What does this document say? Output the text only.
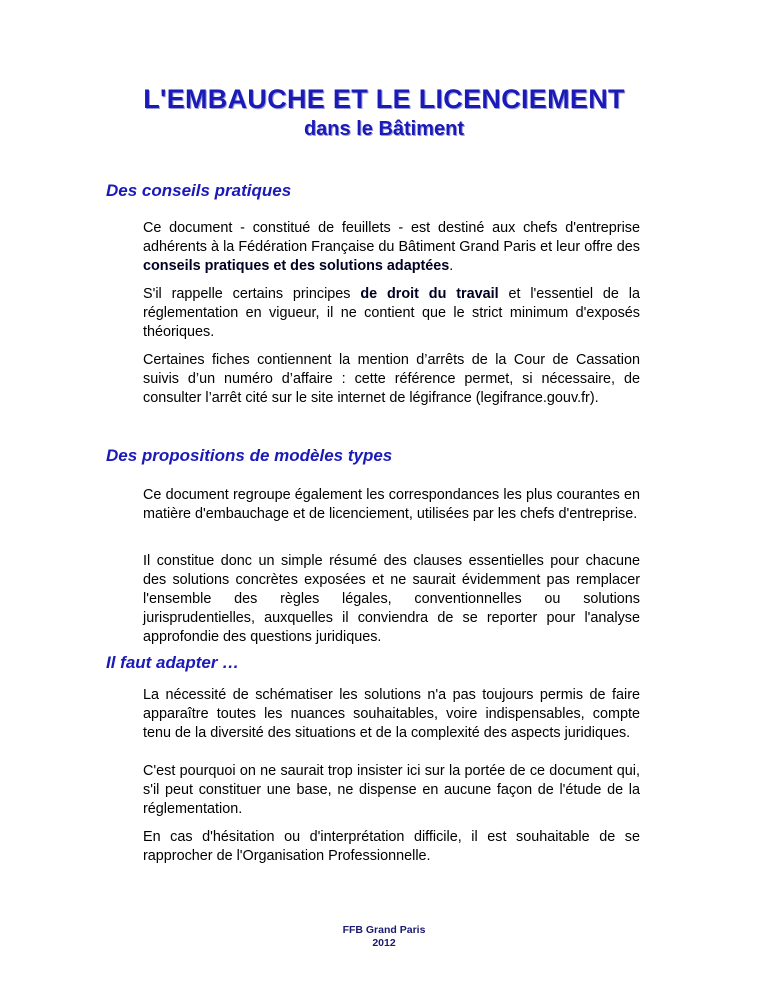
L'EMBAUCHE ET LE LICENCIEMENT
dans le Bâtiment
Des conseils pratiques

Ce document - constitué de feuillets - est destiné aux chefs d'entreprise adhérents à la Fédération Française du Bâtiment Grand Paris et leur offre des conseils pratiques et des solutions adaptées.

S'il rappelle certains principes de droit du travail et l'essentiel de la réglementation en vigueur, il ne contient que le strict minimum d'exposés théoriques.

Certaines fiches contiennent la mention d’arrêts de la Cour de Cassation suivis d’un numéro d’affaire : cette référence permet, si nécessaire, de consulter l’arrêt cité sur le site internet de légifrance (legifrance.gouv.fr).

Des propositions de modèles types

Ce document regroupe également les correspondances les plus courantes en matière d'embauchage et de licenciement, utilisées par les chefs d'entreprise.

Il constitue donc un simple résumé des clauses essentielles pour chacune des solutions concrètes exposées et ne saurait évidemment pas remplacer l'ensemble des règles légales, conventionnelles ou solutions jurisprudentielles, auxquelles il conviendra de se reporter pour l'analyse approfondie des questions juridiques.

Il faut adapter …

La nécessité de schématiser les solutions n'a pas toujours permis de faire apparaître toutes les nuances souhaitables, voire indispensables, compte tenu de la diversité des situations et de la complexité des aspects juridiques.

C'est pourquoi on ne saurait trop insister ici sur la portée de ce document qui, s'il peut constituer une base, ne dispense en aucune façon de l'étude de la réglementation.

En cas d'hésitation ou d'interprétation difficile, il est souhaitable de se rapprocher de l'Organisation Professionnelle.

FFB Grand Paris

2012
